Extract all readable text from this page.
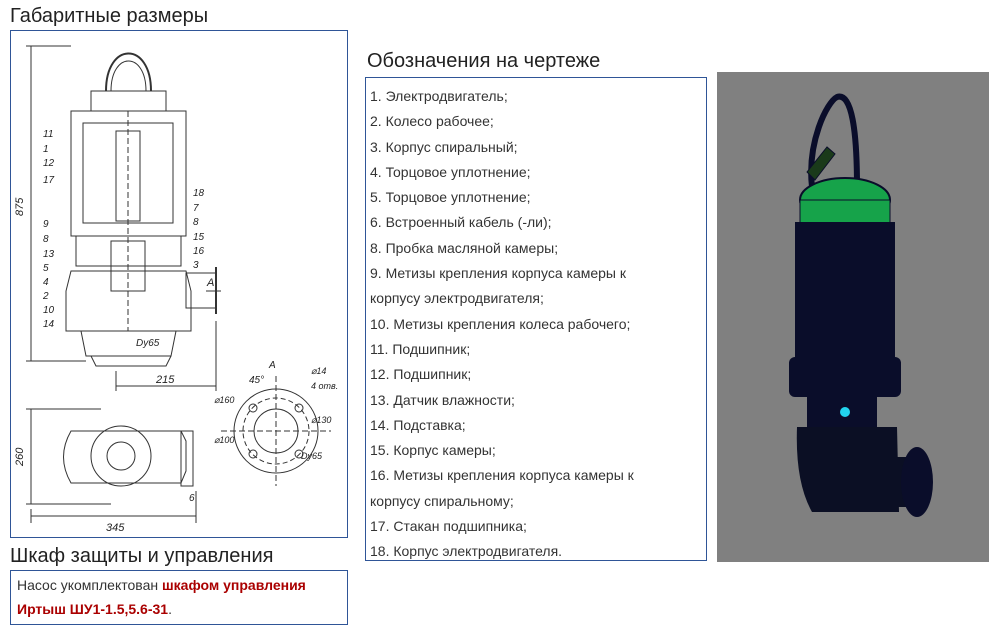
Габаритные размеры
Обозначения на чертеже
Шкаф защиты и управления
11
1
12
17
9
8
13
5
4
2
10
14
18
7
8
15
16
3
A
Dy65
215
6
345
A
45°
⌀14
4 отв.
⌀160
⌀130
⌀100
Dy65
875
260
1. Электродвигатель;
2. Колесо рабочее;
3. Корпус спиральный;
4. Торцовое уплотнение;
5. Торцовое уплотнение;
6. Встроенный кабель (-ли);
8. Пробка масляной камеры;
9. Метизы крепления корпуса камеры к
корпусу электродвигателя;
10. Метизы крепления колеса рабочего;
11. Подшипник;
12. Подшипник;
13. Датчик влажности;
14. Подставка;
15. Корпус камеры;
16. Метизы крепления корпуса камеры к
корпусу спиральному;
17. Стакан подшипника;
18. Корпус электродвигателя.
Насос укомплектован шкафом управления
Иртыш ШУ1-1.5,5.6-31.
